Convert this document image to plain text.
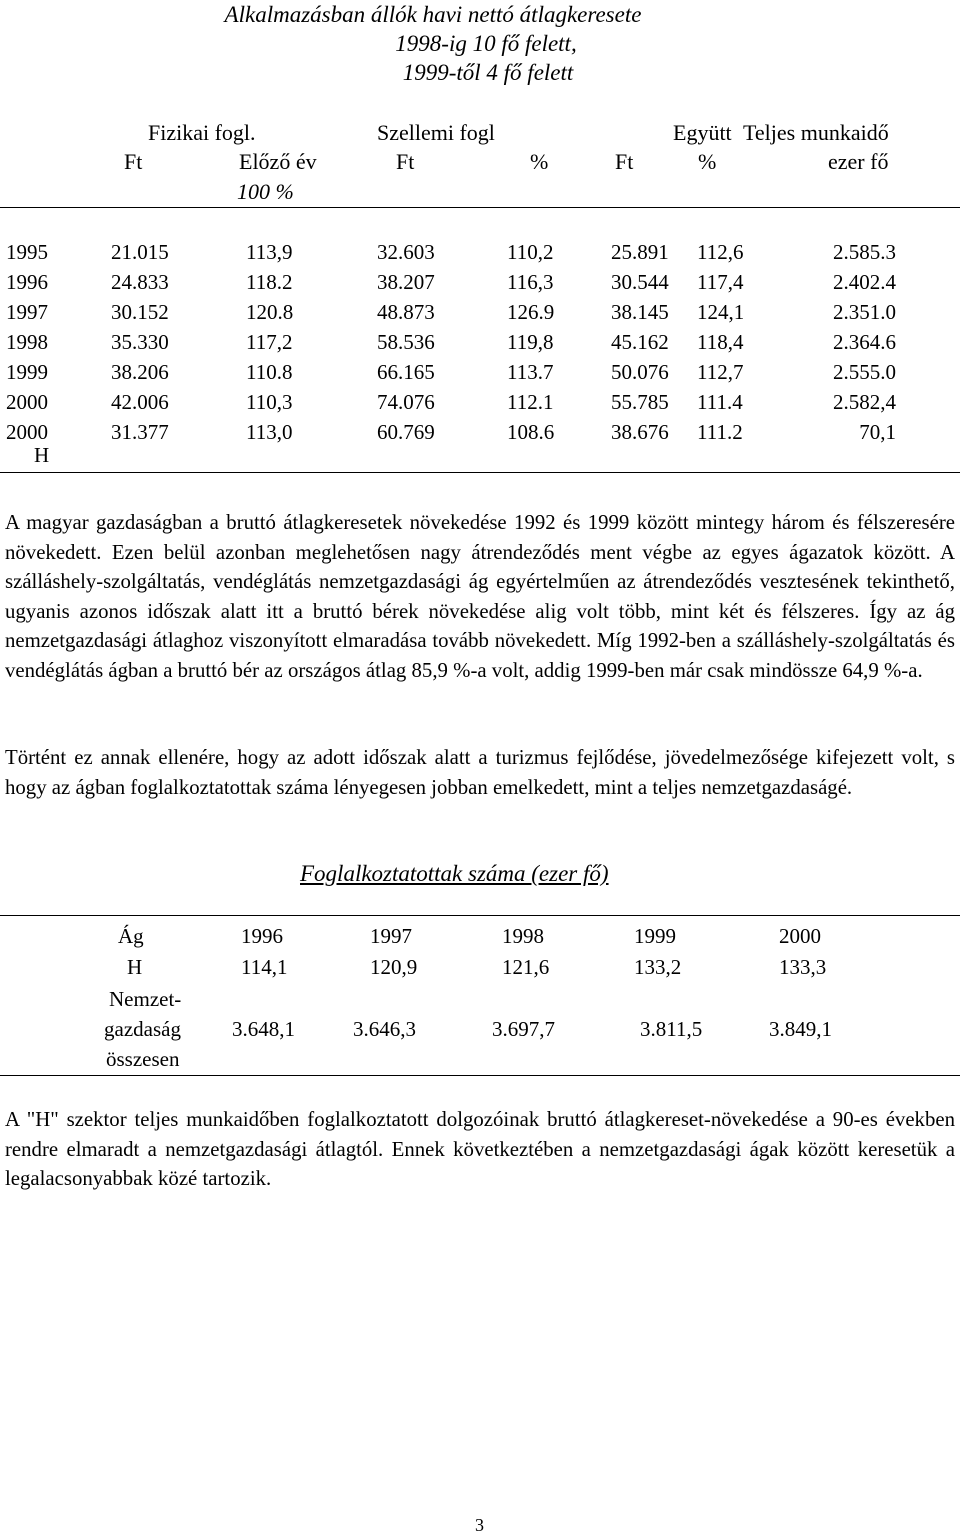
Alkalmazásban állók havi nettó átlagkeresete
1998-ig 10 fő felett,
1999-től 4 fő felett
Fizikai fogl.	Szellemi fogl	Együtt Teljes munkaidő
Ft	Előző év	Ft	%	Ft	%	ezer fő
100 %
1995	21.015	113,9	32.603	110,2	25.891 112,6	2.585.3
1996	24.833	118.2	38.207	116,3	30.544 117,4	2.402.4
1997	30.152	120.8	48.873	126.9	38.145 124,1	2.351.0
1998	35.330	117,2	58.536	119,8	45.162 118,4	2.364.6
1999	38.206	110.8	66.165	113.7	50.076 112,7	2.555.0
2000	42.006	110,3	74.076	112.1	55.785 111.4	2.582,4
2000	31.377	113,0	60.769	108.6	38.676 111.2	70,1
H
A magyar gazdaságban a bruttó átlagkeresetek növekedése 1992 és 1999 között mintegy három és félszeresére növekedett. Ezen belül azonban meglehetősen nagy átrendeződés ment végbe az egyes ágazatok között. A szálláshely-szolgáltatás, vendéglátás nemzetgazdasági ág egyértelműen az átrendeződés vesztesének tekinthető, ugyanis azonos időszak alatt itt a bruttó bérek növekedése alig volt több, mint két és félszeres. Így az ág nemzetgazdasági átlaghoz viszonyított elmaradása tovább növekedett. Míg 1992-ben a szálláshely-szolgáltatás és vendéglátás ágban a bruttó bér az országos átlag 85,9 %-a volt, addig 1999-ben már csak mindössze 64,9 %-a.
Történt ez annak ellenére, hogy az adott időszak alatt a turizmus fejlődése, jövedelmezősége kifejezett volt, s hogy az ágban foglalkoztatottak száma lényegesen jobban emelkedett, mint a teljes nemzetgazdaságé.
Foglalkoztatottak száma (ezer fő)
Ág	1996	1997	1998	1999	2000
H	114,1	120,9	121,6	133,2	133,3
Nemzet-
gazdaság
összesen
3.648,1	3.646,3	3.697,7	3.811,5	3.849,1
A "H" szektor teljes munkaidőben foglalkoztatott dolgozóinak bruttó átlagkereset-növekedése a 90-es években rendre elmaradt a nemzetgazdasági átlagtól. Ennek következtében a nemzetgazdasági ágak között keresetük a legalacsonyabbak közé tartozik.
3
